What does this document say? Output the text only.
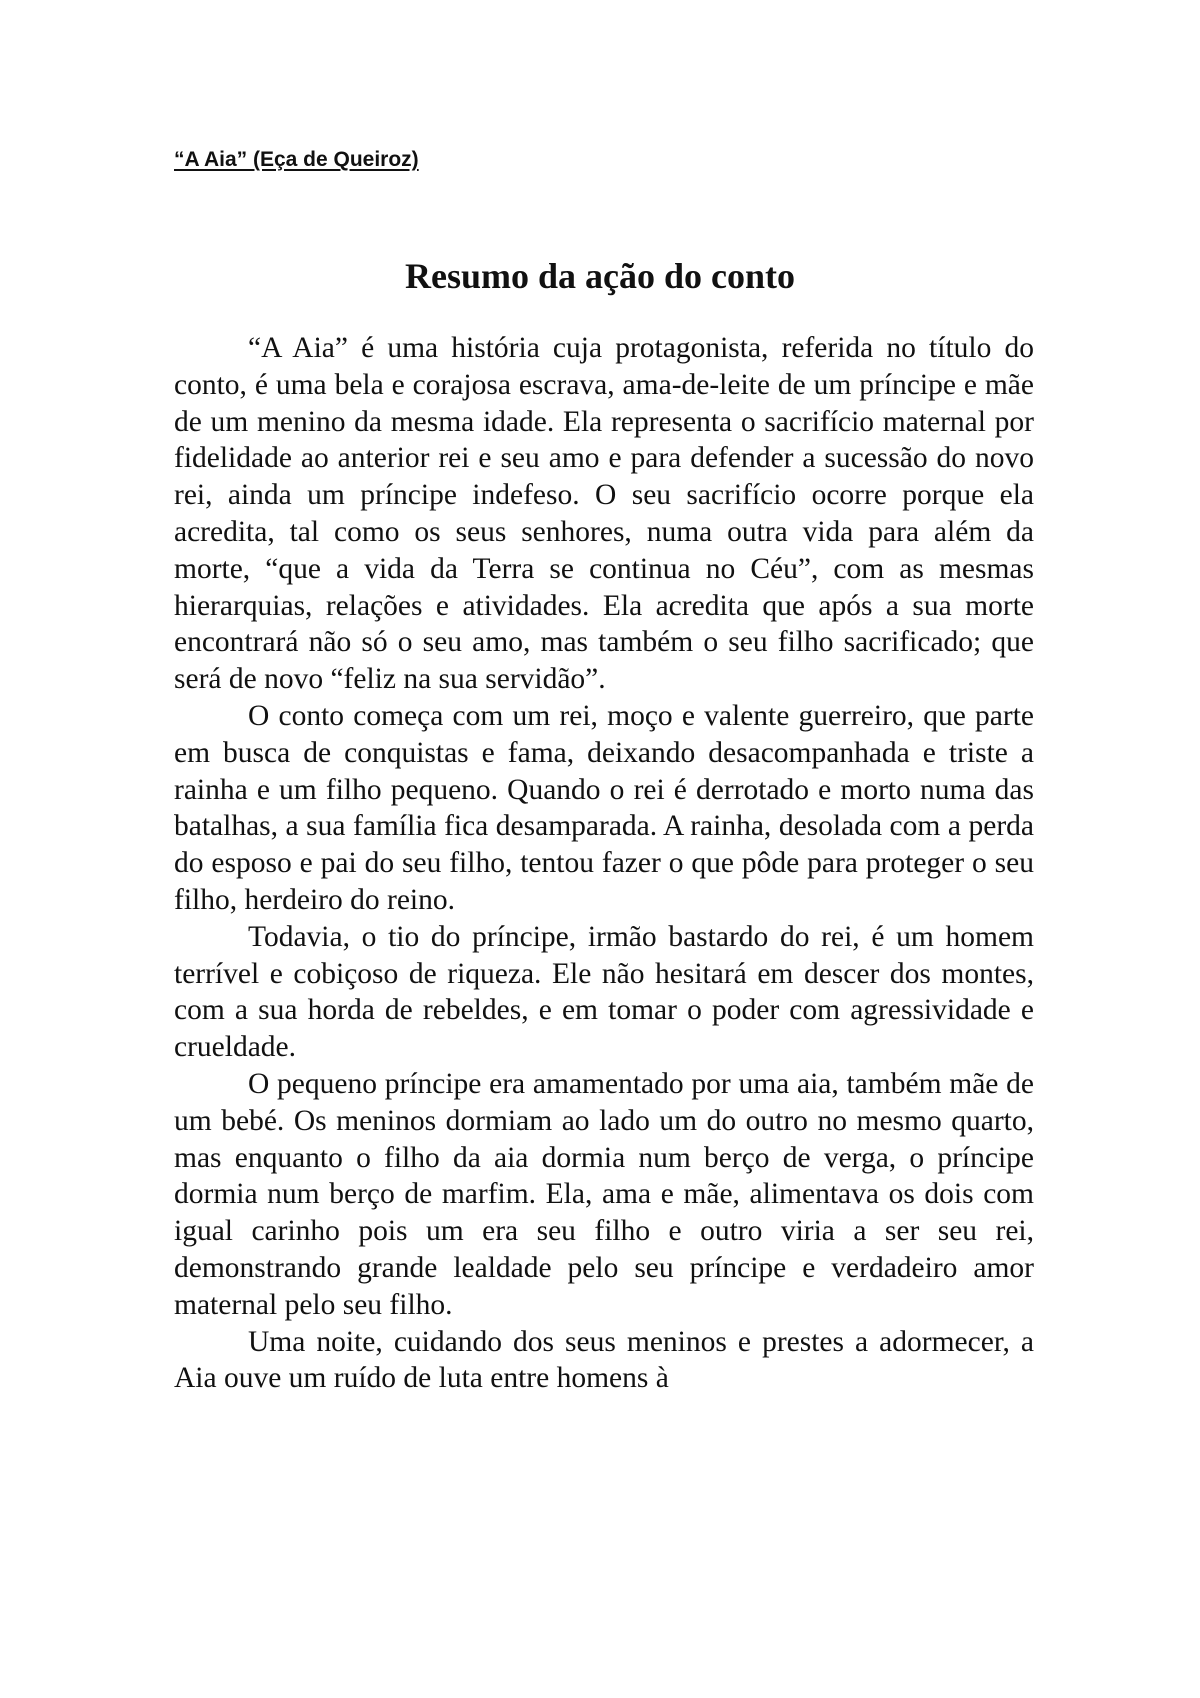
“A Aia” (Eça de Queiroz)
Resumo da ação do conto

“A Aia” é uma história cuja protagonista, referida no título do conto, é uma bela e corajosa escrava, ama-de-leite de um príncipe e mãe de um menino da mesma idade. Ela representa o sacrifício maternal por fidelidade ao anterior rei e seu amo e para defender a sucessão do novo rei, ainda um príncipe indefeso. O seu sacrifício ocorre porque ela acredita, tal como os seus senhores, numa outra vida para além da morte, “que a vida da Terra se continua no Céu”, com as mesmas hierarquias, relações e atividades. Ela acredita que após a sua morte encontrará não só o seu amo, mas também o seu filho sacrificado; que será de novo “feliz na sua servidão”.

O conto começa com um rei, moço e valente guerreiro, que parte em busca de conquistas e fama, deixando desacompanhada e triste a rainha e um filho pequeno. Quando o rei é derrotado e morto numa das batalhas, a sua família fica desamparada. A rainha, desolada com a perda do esposo e pai do seu filho, tentou fazer o que pôde para proteger o seu filho, herdeiro do reino.

Todavia, o tio do príncipe, irmão bastardo do rei, é um homem terrível e cobiçoso de riqueza. Ele não hesitará em descer dos montes, com a sua horda de rebeldes, e em tomar o poder com agressividade e crueldade.

O pequeno príncipe era amamentado por uma aia, também mãe de um bebé. Os meninos dormiam ao lado um do outro no mesmo quarto, mas enquanto o filho da aia dormia num berço de verga, o príncipe dormia num berço de marfim. Ela, ama e mãe, alimentava os dois com igual carinho pois um era seu filho e outro viria a ser seu rei, demonstrando grande lealdade pelo seu príncipe e verdadeiro amor maternal pelo seu filho.

Uma noite, cuidando dos seus meninos e prestes a adormecer, a Aia ouve um ruído de luta entre homens à
